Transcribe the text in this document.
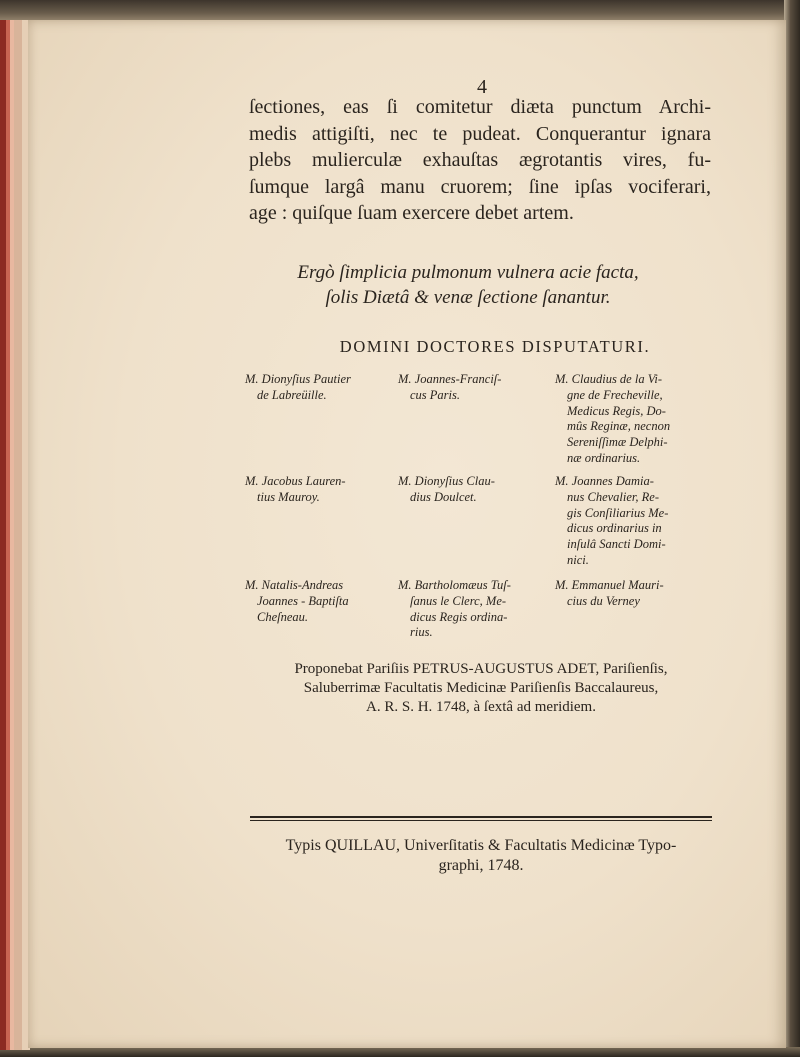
4
ſectiones, eas ſi comitetur diæta punctum Archi-
medis attigiſti, nec te pudeat. Conquerantur ignara
plebs mulierculæ exhauſtas ægrotantis vires, fu-
ſumque largâ manu cruorem; ſine ipſas vociferari,
age : quiſque ſuam exercere debet artem.
Ergò ſimplicia pulmonum vulnera acie facta,
ſolis Diætâ & venæ ſectione ſanantur.
DOMINI DOCTORES DISPUTATURI.
M. Dionyſius Pautier
de Labreüille.
M. Joannes-Franciſ-
cus Paris.
M. Claudius de la Vi-
gne de Frecheville,
Medicus Regis, Do-
mûs Reginæ, necnon
Sereniſſimæ Delphi-
næ ordinarius.
M. Jacobus Lauren-
tius Mauroy.
M. Dionyſius Clau-
dius Doulcet.
M. Joannes Damia-
nus Chevalier, Re-
gis Conſiliarius Me-
dicus ordinarius in
inſulâ Sancti Domi-
nici.
M. Natalis-Andreas
Joannes - Baptiſta
Cheſneau.
M. Bartholomæus Tuſ-
ſanus le Clerc, Me-
dicus Regis ordina-
rius.
M. Emmanuel Mauri-
cius du Verney
Proponebat Pariſiis PETRUS-AUGUSTUS ADET, Pariſienſis,
Saluberrimæ Facultatis Medicinæ Pariſienſis Baccalaureus,
A. R. S. H. 1748, à ſextâ ad meridiem.
Typis QUILLAU, Univerſitatis & Facultatis Medicinæ Typo-
graphi, 1748.
